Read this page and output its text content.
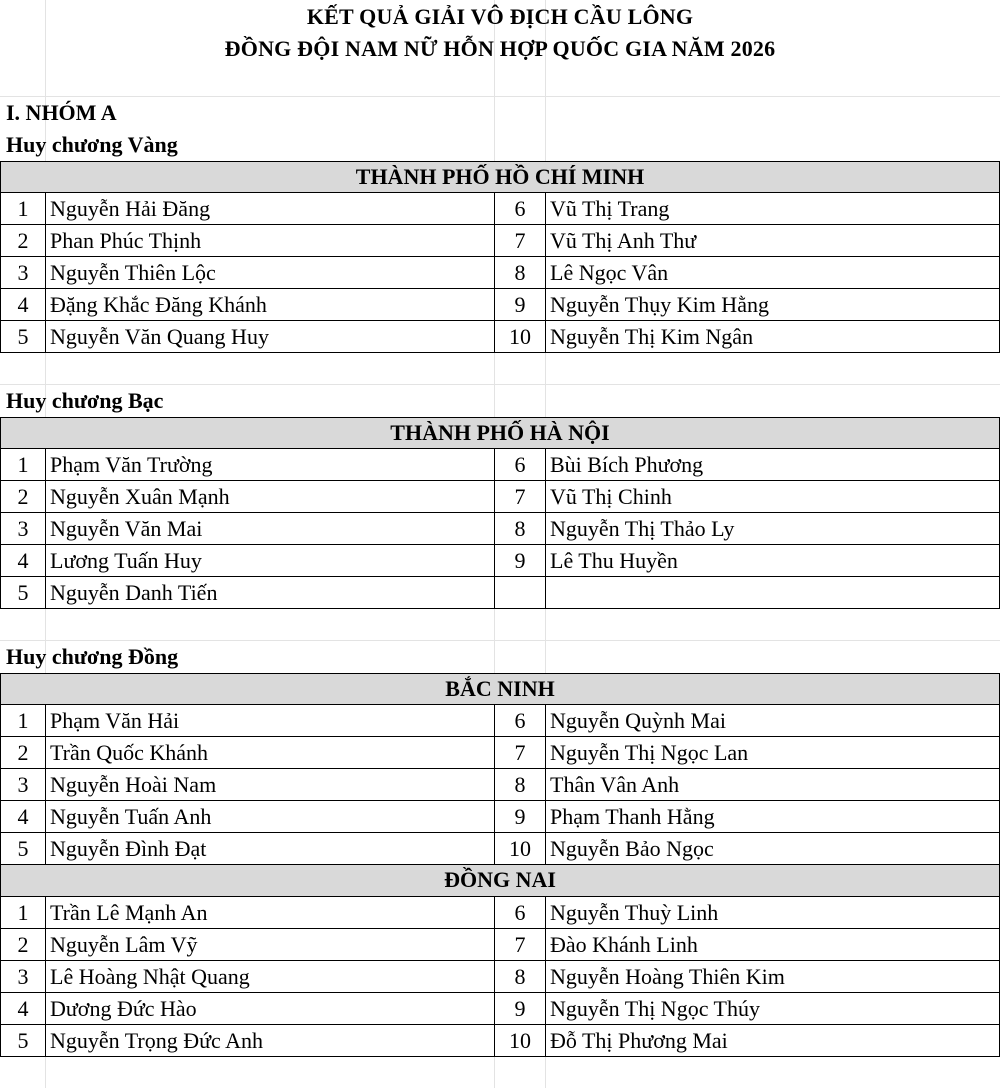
KẾT QUẢ GIẢI VÔ ĐỊCH CẦU LÔNG
ĐỒNG ĐỘI NAM NỮ HỖN HỢP QUỐC GIA NĂM 2026
I. NHÓM A
Huy chương Vàng
THÀNH PHỐ HỒ CHÍ MINH
1 Nguyễn Hải Đăng	6	Vũ Thị Trang
2 Phan Phúc Thịnh	7	Vũ Thị Anh Thư
3 Nguyễn Thiên Lộc	8	Lê Ngọc Vân
4 Đặng Khắc Đăng Khánh	9	Nguyễn Thụy Kim Hằng
5 Nguyễn Văn Quang Huy	10 Nguyễn Thị Kim Ngân
Huy chương Bạc
THÀNH PHỐ HÀ NỘI
1 Phạm Văn Trường	6	Bùi Bích Phương
2 Nguyễn Xuân Mạnh	7	Vũ Thị Chinh
3 Nguyễn Văn Mai	8	Nguyễn Thị Thảo Ly
4 Lương Tuấn Huy	9	Lê Thu Huyền
5 Nguyễn Danh Tiến
Huy chương Đồng
BẮC NINH
1 Phạm Văn Hải	6	Nguyễn Quỳnh Mai
2 Trần Quốc Khánh	7	Nguyễn Thị Ngọc Lan
3 Nguyễn Hoài Nam	8	Thân Vân Anh
4 Nguyễn Tuấn Anh	9	Phạm Thanh Hằng
5 Nguyễn Đình Đạt	10 Nguyễn Bảo Ngọc
ĐỒNG NAI
1 Trần Lê Mạnh An	6	Nguyễn Thuỳ Linh
2 Nguyễn Lâm Vỹ	7	Đào Khánh Linh
3 Lê Hoàng Nhật Quang	8	Nguyễn Hoàng Thiên Kim
4 Dương Đức Hào	9	Nguyễn Thị Ngọc Thúy
5 Nguyễn Trọng Đức Anh	10 Đỗ Thị Phương Mai
